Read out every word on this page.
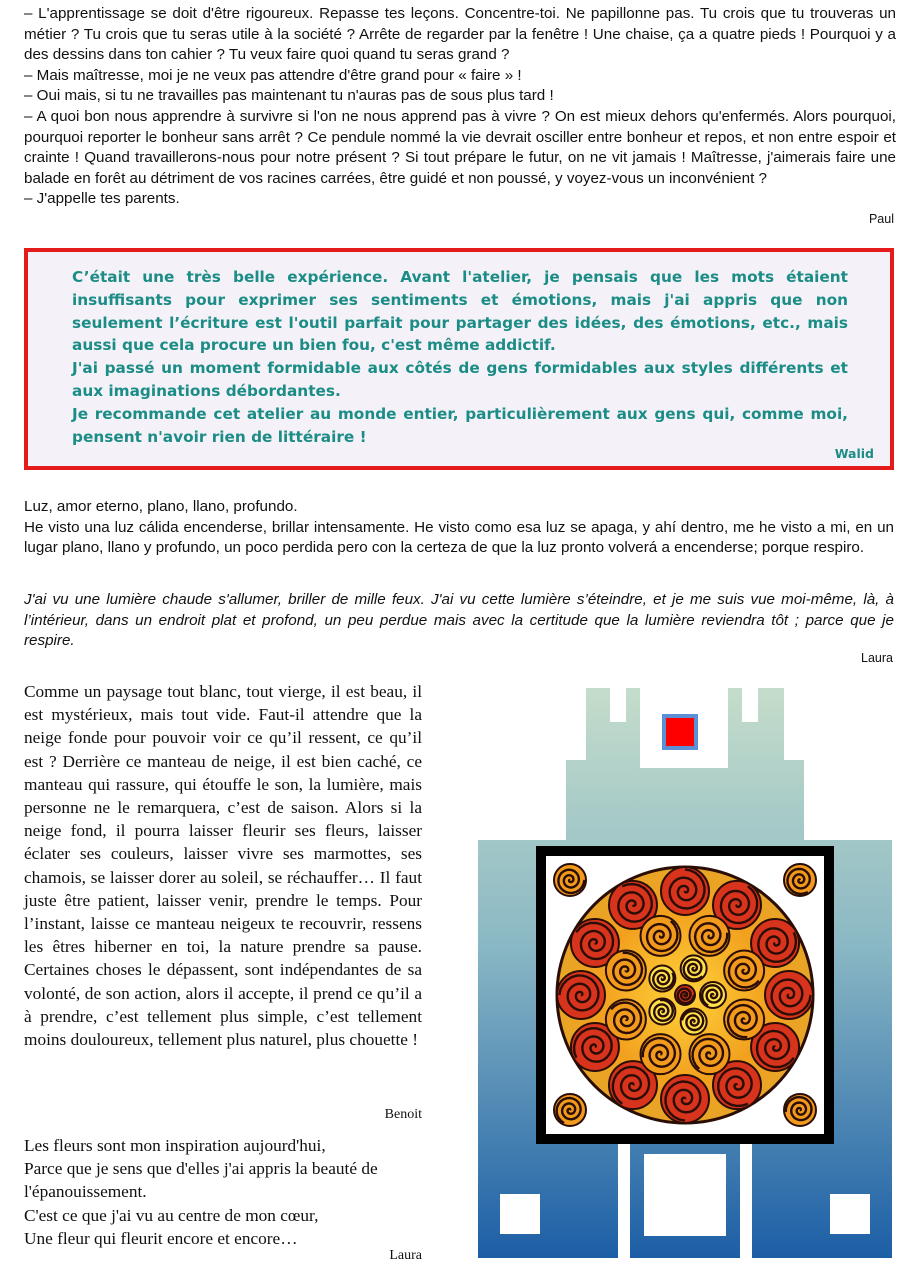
– L'apprentissage se doit d'être rigoureux. Repasse tes leçons. Concentre-toi. Ne papillonne pas. Tu crois que tu trouveras un métier ? Tu crois que tu seras utile à la société ? Arrête de regarder par la fenêtre ! Une chaise, ça a quatre pieds ! Pourquoi y a des dessins dans ton cahier ? Tu veux faire quoi quand tu seras grand ?

– Mais maîtresse, moi je ne veux pas attendre d'être grand pour « faire » !

– Oui mais, si tu ne travailles pas maintenant tu n'auras pas de sous plus tard !

– A quoi bon nous apprendre à survivre si l'on ne nous apprend pas à vivre ? On est mieux dehors qu'enfermés. Alors pourquoi, pourquoi reporter le bonheur sans arrêt ? Ce pendule nommé la vie devrait osciller entre bonheur et repos, et non entre espoir et crainte ! Quand travaillerons-nous pour notre présent ? Si tout prépare le futur, on ne vit jamais ! Maîtresse, j'aimerais faire une balade en forêt au détriment de vos racines carrées, être guidé et non poussé, y voyez-vous un inconvénient ?

– J'appelle tes parents.

Paul

C’était une très belle expérience. Avant l'atelier, je pensais que les mots étaient insuffisants pour exprimer ses sentiments et émotions, mais j'ai appris que non seulement l’écriture est l'outil parfait pour partager des idées, des émotions, etc., mais aussi que cela procure un bien fou, c'est même addictif.

J'ai passé un moment formidable aux côtés de gens formidables aux styles différents et aux imaginations débordantes.

Je recommande cet atelier au monde entier, particulièrement aux gens qui, comme moi, pensent n'avoir rien de littéraire !

Walid

Luz, amor eterno, plano, llano, profundo.

He visto una luz cálida encenderse, brillar intensamente. He visto como esa luz se apaga, y ahí dentro, me he visto a mi, en un lugar plano, llano y profundo, un poco perdida pero con la certeza de que la luz pronto volverá a encenderse; porque respiro.

J'ai vu une lumière chaude s'allumer, briller de mille feux. J'ai vu cette lumière s’éteindre, et je me suis vue moi-même, là, à l’intérieur, dans un endroit plat et profond, un peu perdue mais avec la certitude que la lumière reviendra tôt ; parce que je respire.
Laura

Comme un paysage tout blanc, tout vierge, il est beau, il est mystérieux, mais tout vide. Faut-il attendre que la neige fonde pour pouvoir voir ce qu’il ressent, ce qu’il est ? Derrière ce manteau de neige, il est bien caché, ce manteau qui rassure, qui étouffe le son, la lumière, mais personne ne le remarquera, c’est de saison. Alors si la neige fond, il pourra laisser fleurir ses fleurs, laisser éclater ses couleurs, laisser vivre ses marmottes, ses chamois, se laisser dorer au soleil, se réchauffer… Il faut juste être patient, laisser venir, prendre le temps. Pour l’instant, laisse ce manteau neigeux te recouvrir, ressens les êtres hiberner en toi, la nature prendre sa pause. Certaines choses le dépassent, sont indépendantes de sa volonté, de son action, alors il accepte, il prend ce qu’il a à prendre, c’est tellement plus simple, c’est tellement moins douloureux, tellement plus naturel, plus chouette !

Benoit

Les fleurs sont mon inspiration aujourd'hui,

Parce que je sens que d'elles j'ai appris la beauté de l'épanouissement.

C'est ce que j'ai vu au centre de mon cœur,

Une fleur qui fleurit encore et encore…

Laura
